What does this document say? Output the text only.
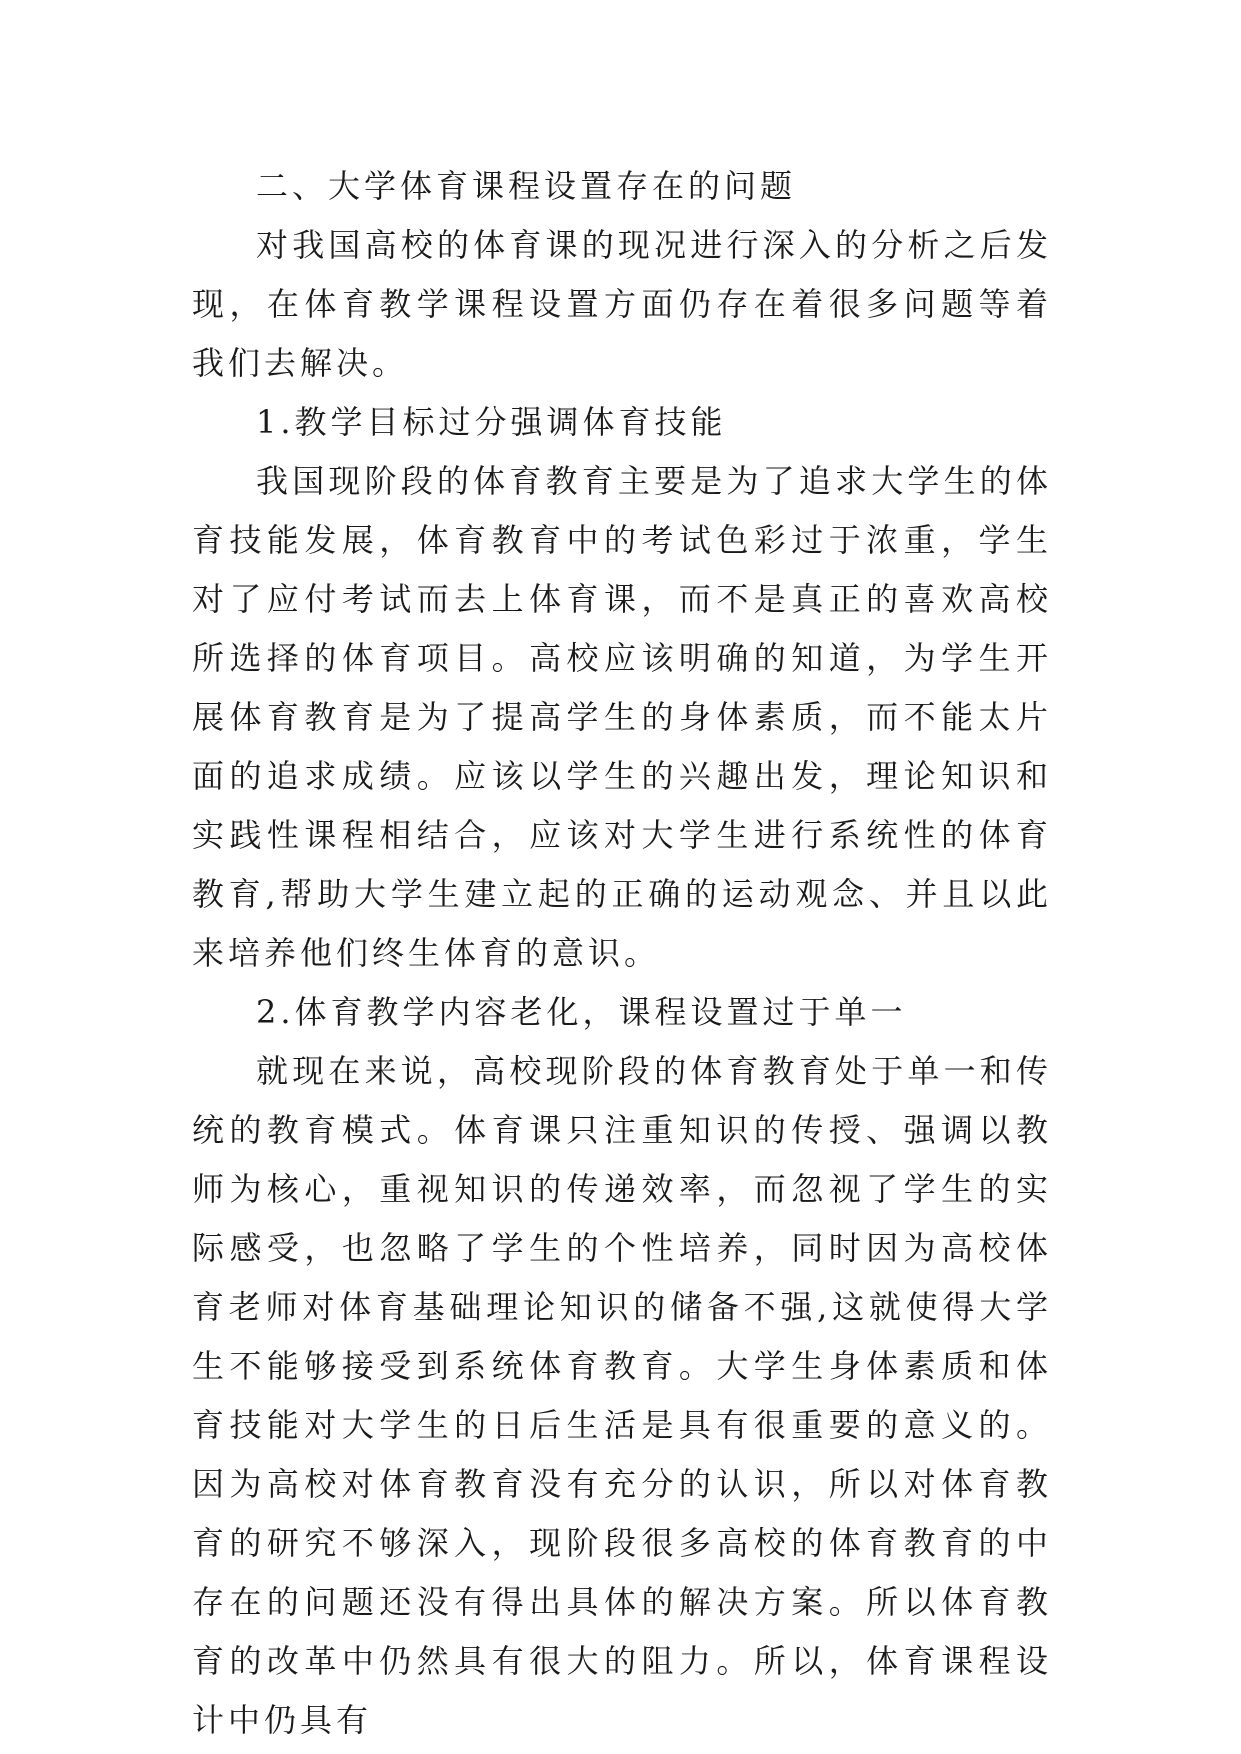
二、大学体育课程设置存在的问题

对我国高校的体育课的现况进行深入的分析之后发现，在体育教学课程设置方面仍存在着很多问题等着我们去解决。

1.教学目标过分强调体育技能

我国现阶段的体育教育主要是为了追求大学生的体育技能发展，体育教育中的考试色彩过于浓重，学生对了应付考试而去上体育课，而不是真正的喜欢高校所选择的体育项目。高校应该明确的知道，为学生开展体育教育是为了提高学生的身体素质，而不能太片面的追求成绩。应该以学生的兴趣出发，理论知识和实践性课程相结合，应该对大学生进行系统性的体育教育,帮助大学生建立起的正确的运动观念、并且以此来培养他们终生体育的意识。

2.体育教学内容老化，课程设置过于单一

就现在来说，高校现阶段的体育教育处于单一和传统的教育模式。体育课只注重知识的传授、强调以教师为核心，重视知识的传递效率，而忽视了学生的实际感受，也忽略了学生的个性培养，同时因为高校体育老师对体育基础理论知识的储备不强,这就使得大学生不能够接受到系统体育教育。大学生身体素质和体育技能对大学生的日后生活是具有很重要的意义的。因为高校对体育教育没有充分的认识，所以对体育教育的研究不够深入，现阶段很多高校的体育教育的中存在的问题还没有得出具体的解决方案。所以体育教育的改革中仍然具有很大的阻力。所以，体育课程设计中仍具有
